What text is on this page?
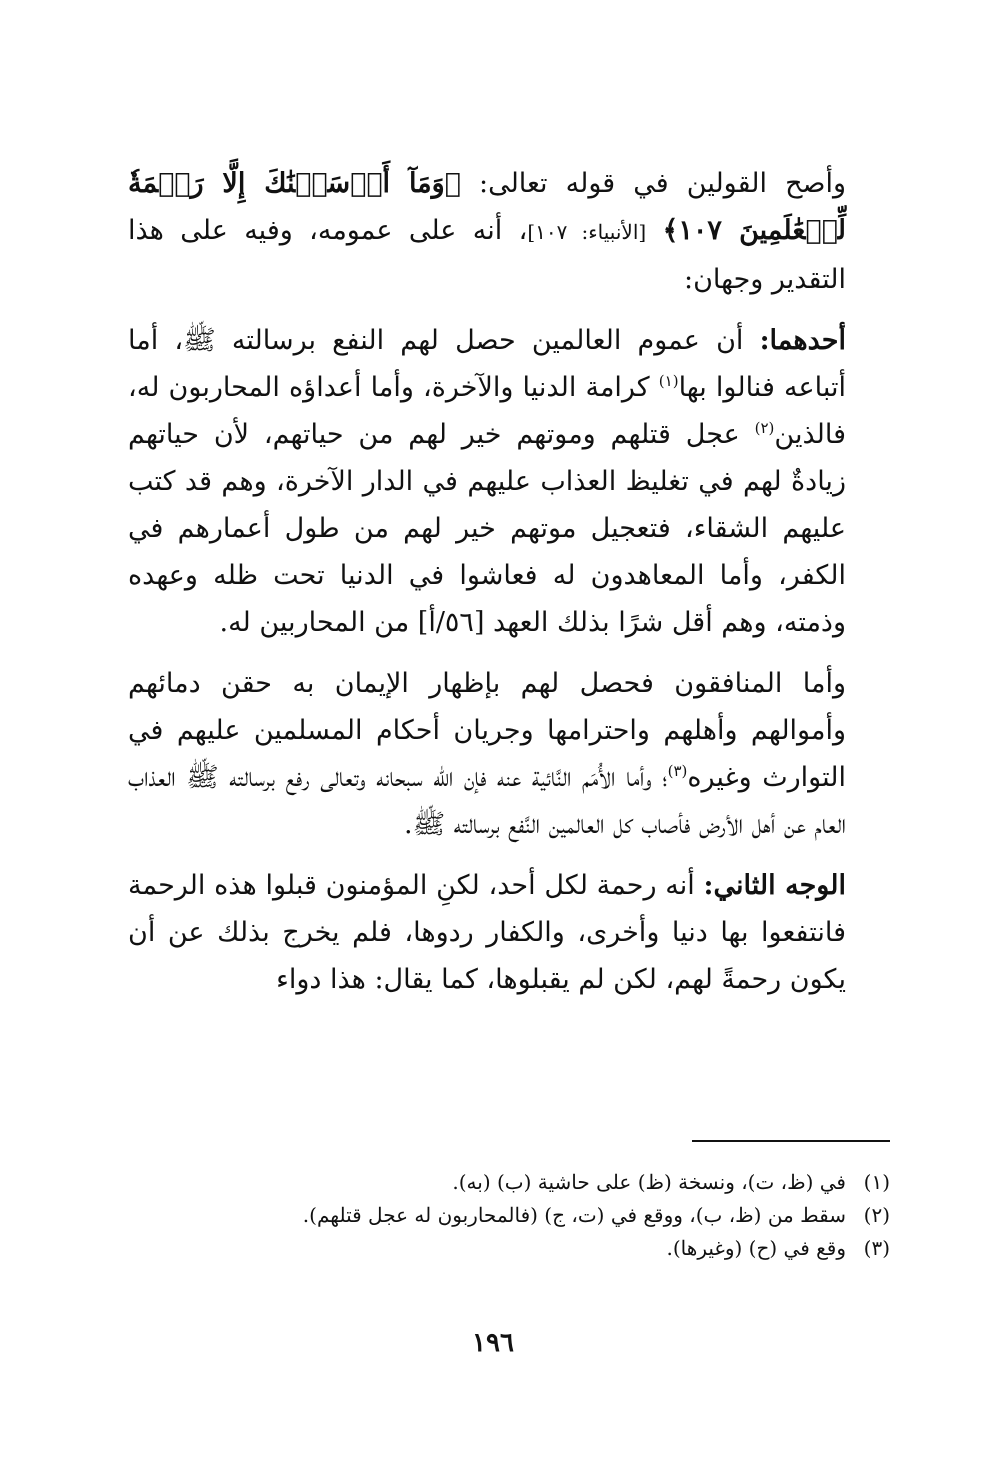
وأصح القولين في قوله تعالى: ﴿وَمَآ أَرۡسَلۡنَٰكَ إِلَّا رَحۡمَةٗ لِّلۡعَٰلَمِينَ ١٠٧﴾ [الأنبياء: ١٠٧]، أنه على عمومه، وفيه على هذا التقدير وجهان:

أحدهما: أن عموم العالمين حصل لهم النفع برسالته ﷺ، أما أتباعه فنالوا بها$^{(١)}$ كرامة الدنيا والآخرة، وأما أعداؤه المحاربون له، فالذين$^{(٢)}$ عجل قتلهم وموتهم خير لهم من حياتهم، لأن حياتهم زيادةٌ لهم في تغليظ العذاب عليهم في الدار الآخرة، وهم قد كتب عليهم الشقاء، فتعجيل موتهم خير لهم من طول أعمارهم في الكفر، وأما المعاهدون له فعاشوا في الدنيا تحت ظله وعهده وذمته، وهم أقل شرًا بذلك العهد [٥٦/أ] من المحاربين له.

وأما المنافقون فحصل لهم بإظهار الإيمان به حقن دمائهم وأموالهم وأهلهم واحترامها وجريان أحكام المسلمين عليهم في التوارث وغيره$^{(٣)}$؛ وأما الأُمَم النَّائية عنه فإن الله سبحانه وتعالى رفع برسالته ﷺ العذاب العام عن أهل الأرض فأصاب كل العالمين النَّفع برسالته ﷺ.

الوجه الثاني: أنه رحمة لكل أحد، لكنِ المؤمنون قبلوا هذه الرحمة فانتفعوا بها دنيا وأخرى، والكفار ردوها، فلم يخرج بذلك عن أن يكون رحمةً لهم، لكن لم يقبلوها، كما يقال: هذا دواء

(١)في (ظ، ت)، ونسخة (ظ) على حاشية (ب) (به).

(٢)سقط من (ظ، ب)، ووقع في (ت، ج) (فالمحاربون له عجل قتلهم).

(٣)وقع في (ح) (وغيرها).

١٩٦
